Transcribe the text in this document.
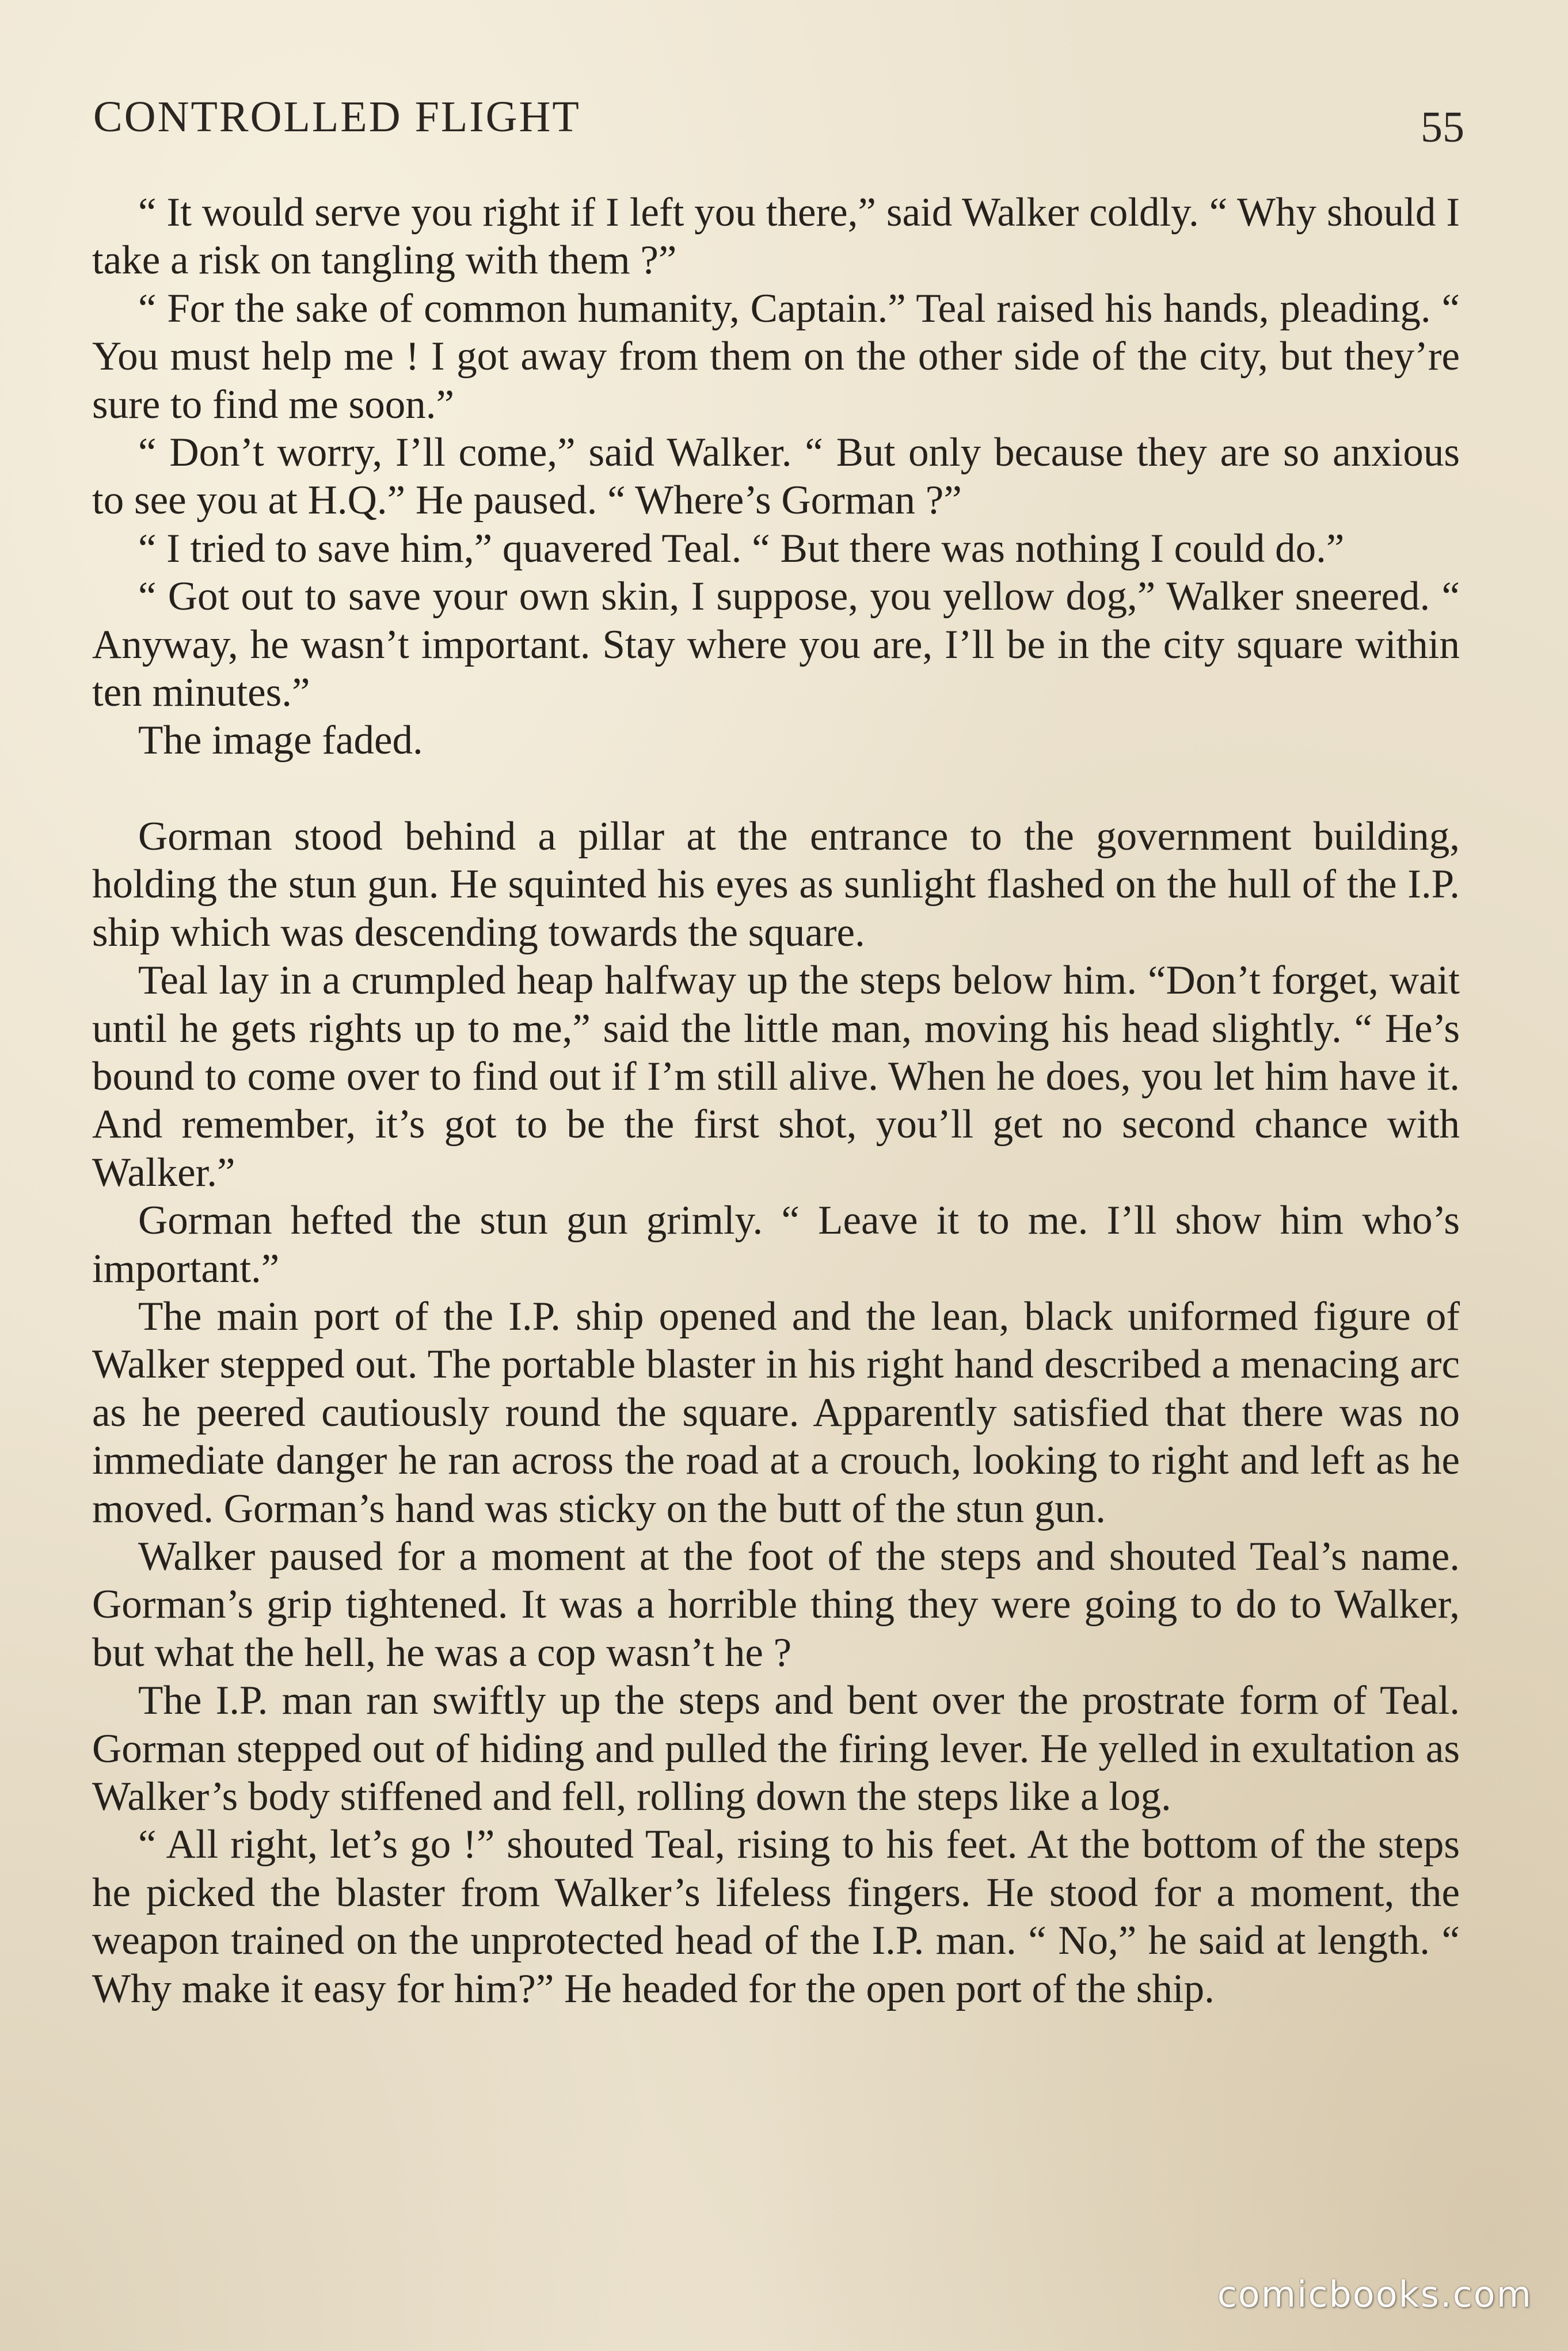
CONTROLLED FLIGHT	55

“ It would serve you right if I left you there,” said Walker coldly. “ Why should I take a risk on tangling with them ?”

“ For the sake of common humanity, Captain.” Teal raised his hands, pleading. “ You must help me ! I got away from them on the other side of the city, but they’re sure to find me soon.”

“ Don’t worry, I’ll come,” said Walker. “ But only because they are so anxious to see you at H.Q.” He paused. “ Where’s Gorman ?”

“ I tried to save him,” quavered Teal. “ But there was nothing I could do.”

“ Got out to save your own skin, I suppose, you yellow dog,” Walker sneered. “ Anyway, he wasn’t important. Stay where you are, I’ll be in the city square within ten minutes.”

The image faded.

Gorman stood behind a pillar at the entrance to the government building, holding the stun gun. He squinted his eyes as sunlight flashed on the hull of the I.P. ship which was descending towards the square.

Teal lay in a crumpled heap halfway up the steps below him. “Don’t forget, wait until he gets rights up to me,” said the little man, moving his head slightly. “ He’s bound to come over to find out if I’m still alive. When he does, you let him have it. And remember, it’s got to be the first shot, you’ll get no second chance with Walker.”

Gorman hefted the stun gun grimly. “ Leave it to me. I’ll show him who’s important.”

The main port of the I.P. ship opened and the lean, black uniformed figure of Walker stepped out. The portable blaster in his right hand described a menacing arc as he peered cautiously round the square. Apparently satisfied that there was no immediate danger he ran across the road at a crouch, looking to right and left as he moved. Gorman’s hand was sticky on the butt of the stun gun.

Walker paused for a moment at the foot of the steps and shouted Teal’s name. Gorman’s grip tightened. It was a horrible thing they were going to do to Walker, but what the hell, he was a cop wasn’t he ?

The I.P. man ran swiftly up the steps and bent over the prostrate form of Teal. Gorman stepped out of hiding and pulled the firing lever. He yelled in exultation as Walker’s body stiffened and fell, rolling down the steps like a log.

“ All right, let’s go !” shouted Teal, rising to his feet. At the bottom of the steps he picked the blaster from Walker’s lifeless fingers. He stood for a moment, the weapon trained on the unprotected head of the I.P. man. “ No,” he said at length. “ Why make it easy for him?” He headed for the open port of the ship.

comicbooks.com
